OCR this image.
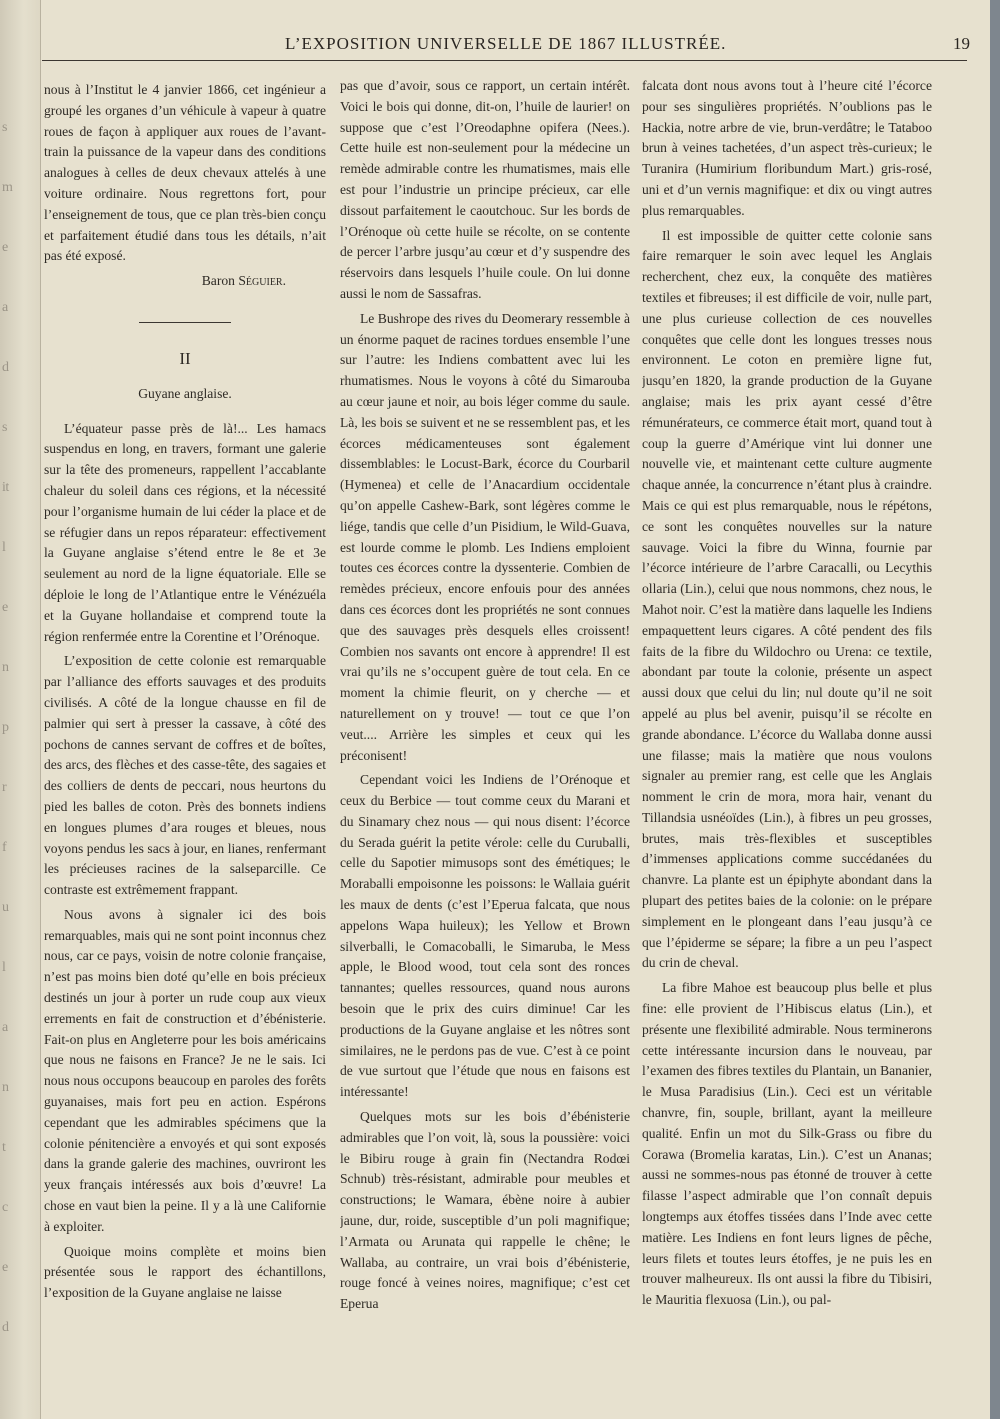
s
m
e
a
d
s
it
l
e
n
p
r
f
u
l
a
n
t
c
e
d
L’EXPOSITION UNIVERSELLE DE 1867 ILLUSTRÉE.	19

nous à l’Institut le 4 janvier 1866, cet ingénieur a groupé les organes d’un véhicule à vapeur à quatre roues de façon à appliquer aux roues de l’avant-train la puissance de la vapeur dans des conditions analogues à celles de deux chevaux attelés à une voiture ordinaire. Nous regrettons fort, pour l’enseignement de tous, que ce plan très-bien conçu et parfaitement étudié dans tous les détails, n’ait pas été exposé.

Baron Séguier.

II
Guyane anglaise.

L’équateur passe près de là!... Les hamacs suspendus en long, en travers, formant une galerie sur la tête des promeneurs, rappellent l’accablante chaleur du soleil dans ces régions, et la nécessité pour l’organisme humain de lui céder la place et de se réfugier dans un repos réparateur: effectivement la Guyane anglaise s’étend entre le 8e et 3e seulement au nord de la ligne équatoriale. Elle se déploie le long de l’Atlantique entre le Vénézuéla et la Guyane hollandaise et comprend toute la région renfermée entre la Corentine et l’Orénoque.

L’exposition de cette colonie est remarquable par l’alliance des efforts sauvages et des produits civilisés. A côté de la longue chausse en fil de palmier qui sert à presser la cassave, à côté des pochons de cannes servant de coffres et de boîtes, des arcs, des flèches et des casse-tête, des sagaies et des colliers de dents de peccari, nous heurtons du pied les balles de coton. Près des bonnets indiens en longues plumes d’ara rouges et bleues, nous voyons pendus les sacs à jour, en lianes, renfermant les précieuses racines de la salseparcille. Ce contraste est extrêmement frappant.

Nous avons à signaler ici des bois remarquables, mais qui ne sont point inconnus chez nous, car ce pays, voisin de notre colonie française, n’est pas moins bien doté qu’elle en bois précieux destinés un jour à porter un rude coup aux vieux errements en fait de construction et d’ébénisterie. Fait-on plus en Angleterre pour les bois américains que nous ne faisons en France? Je ne le sais. Ici nous nous occupons beaucoup en paroles des forêts guyanaises, mais fort peu en action. Espérons cependant que les admirables spécimens que la colonie pénitencière a envoyés et qui sont exposés dans la grande galerie des machines, ouvriront les yeux français intéressés aux bois d’œuvre! La chose en vaut bien la peine. Il y a là une Californie à exploiter.

Quoique moins complète et moins bien présentée sous le rapport des échantillons, l’exposition de la Guyane anglaise ne laisse

pas que d’avoir, sous ce rapport, un certain intérêt. Voici le bois qui donne, dit-on, l’huile de laurier! on suppose que c’est l’Oreodaphne opifera (Nees.). Cette huile est non-seulement pour la médecine un remède admirable contre les rhumatismes, mais elle est pour l’industrie un principe précieux, car elle dissout parfaitement le caoutchouc. Sur les bords de l’Orénoque où cette huile se récolte, on se contente de percer l’arbre jusqu’au cœur et d’y suspendre des réservoirs dans lesquels l’huile coule. On lui donne aussi le nom de Sassafras.

Le Bushrope des rives du Deomerary ressemble à un énorme paquet de racines tordues ensemble l’une sur l’autre: les Indiens combattent avec lui les rhumatismes. Nous le voyons à côté du Simarouba au cœur jaune et noir, au bois léger comme du saule. Là, les bois se suivent et ne se ressemblent pas, et les écorces médicamenteuses sont également dissemblables: le Locust-Bark, écorce du Courbaril (Hymenea) et celle de l’Anacardium occidentale qu’on appelle Cashew-Bark, sont légères comme le liége, tandis que celle d’un Pisidium, le Wild-Guava, est lourde comme le plomb. Les Indiens emploient toutes ces écorces contre la dyssenterie. Combien de remèdes précieux, encore enfouis pour des années dans ces écorces dont les propriétés ne sont connues que des sauvages près desquels elles croissent! Combien nos savants ont encore à apprendre! Il est vrai qu’ils ne s’occupent guère de tout cela. En ce moment la chimie fleurit, on y cherche — et naturellement on y trouve! — tout ce que l’on veut.... Arrière les simples et ceux qui les préconisent!

Cependant voici les Indiens de l’Orénoque et ceux du Berbice — tout comme ceux du Marani et du Sinamary chez nous — qui nous disent: l’écorce du Serada guérit la petite vérole: celle du Curuballi, celle du Sapotier mimusops sont des émétiques; le Moraballi empoisonne les poissons: le Wallaia guérit les maux de dents (c’est l’Eperua falcata, que nous appelons Wapa huileux); les Yellow et Brown silverballi, le Comacoballi, le Simaruba, le Mess apple, le Blood wood, tout cela sont des ronces tannantes; quelles ressources, quand nous aurons besoin que le prix des cuirs diminue! Car les productions de la Guyane anglaise et les nôtres sont similaires, ne le perdons pas de vue. C’est à ce point de vue surtout que l’étude que nous en faisons est intéressante!

Quelques mots sur les bois d’ébénisterie admirables que l’on voit, là, sous la poussière: voici le Bibiru rouge à grain fin (Nectandra Rodœi Schnub) très-résistant, admirable pour meubles et constructions; le Wamara, ébène noire à aubier jaune, dur, roide, susceptible d’un poli magnifique; l’Armata ou Arunata qui rappelle le chêne; le Wallaba, au contraire, un vrai bois d’ébénisterie, rouge foncé à veines noires, magnifique; c’est cet Eperua

falcata dont nous avons tout à l’heure cité l’écorce pour ses singulières propriétés. N’oublions pas le Hackia, notre arbre de vie, brun-verdâtre; le Tataboo brun à veines tachetées, d’un aspect très-curieux; le Turanira (Humirium floribundum Mart.) gris-rosé, uni et d’un vernis magnifique: et dix ou vingt autres plus remarquables.

Il est impossible de quitter cette colonie sans faire remarquer le soin avec lequel les Anglais recherchent, chez eux, la conquête des matières textiles et fibreuses; il est difficile de voir, nulle part, une plus curieuse collection de ces nouvelles conquêtes que celle dont les longues tresses nous environnent. Le coton en première ligne fut, jusqu’en 1820, la grande production de la Guyane anglaise; mais les prix ayant cessé d’être rémunérateurs, ce commerce était mort, quand tout à coup la guerre d’Amérique vint lui donner une nouvelle vie, et maintenant cette culture augmente chaque année, la concurrence n’étant plus à craindre. Mais ce qui est plus remarquable, nous le répétons, ce sont les conquêtes nouvelles sur la nature sauvage. Voici la fibre du Winna, fournie par l’écorce intérieure de l’arbre Caracalli, ou Lecythis ollaria (Lin.), celui que nous nommons, chez nous, le Mahot noir. C’est la matière dans laquelle les Indiens empaquettent leurs cigares. A côté pendent des fils faits de la fibre du Wildochro ou Urena: ce textile, abondant par toute la colonie, présente un aspect aussi doux que celui du lin; nul doute qu’il ne soit appelé au plus bel avenir, puisqu’il se récolte en grande abondance. L’écorce du Wallaba donne aussi une filasse; mais la matière que nous voulons signaler au premier rang, est celle que les Anglais nomment le crin de mora, mora hair, venant du Tillandsia usnéoïdes (Lin.), à fibres un peu grosses, brutes, mais très-flexibles et susceptibles d’immenses applications comme succédanées du chanvre. La plante est un épiphyte abondant dans la plupart des petites baies de la colonie: on le prépare simplement en le plongeant dans l’eau jusqu’à ce que l’épiderme se sépare; la fibre a un peu l’aspect du crin de cheval.

La fibre Mahoe est beaucoup plus belle et plus fine: elle provient de l’Hibiscus elatus (Lin.), et présente une flexibilité admirable. Nous terminerons cette intéressante incursion dans le nouveau, par l’examen des fibres textiles du Plantain, un Bananier, le Musa Paradisius (Lin.). Ceci est un véritable chanvre, fin, souple, brillant, ayant la meilleure qualité. Enfin un mot du Silk-Grass ou fibre du Corawa (Bromelia karatas, Lin.). C’est un Ananas; aussi ne sommes-nous pas étonné de trouver à cette filasse l’aspect admirable que l’on connaît depuis longtemps aux étoffes tissées dans l’Inde avec cette matière. Les Indiens en font leurs lignes de pêche, leurs filets et toutes leurs étoffes, je ne puis les en trouver malheureux. Ils ont aussi la fibre du Tibisiri, le Mauritia flexuosa (Lin.), ou pal-
